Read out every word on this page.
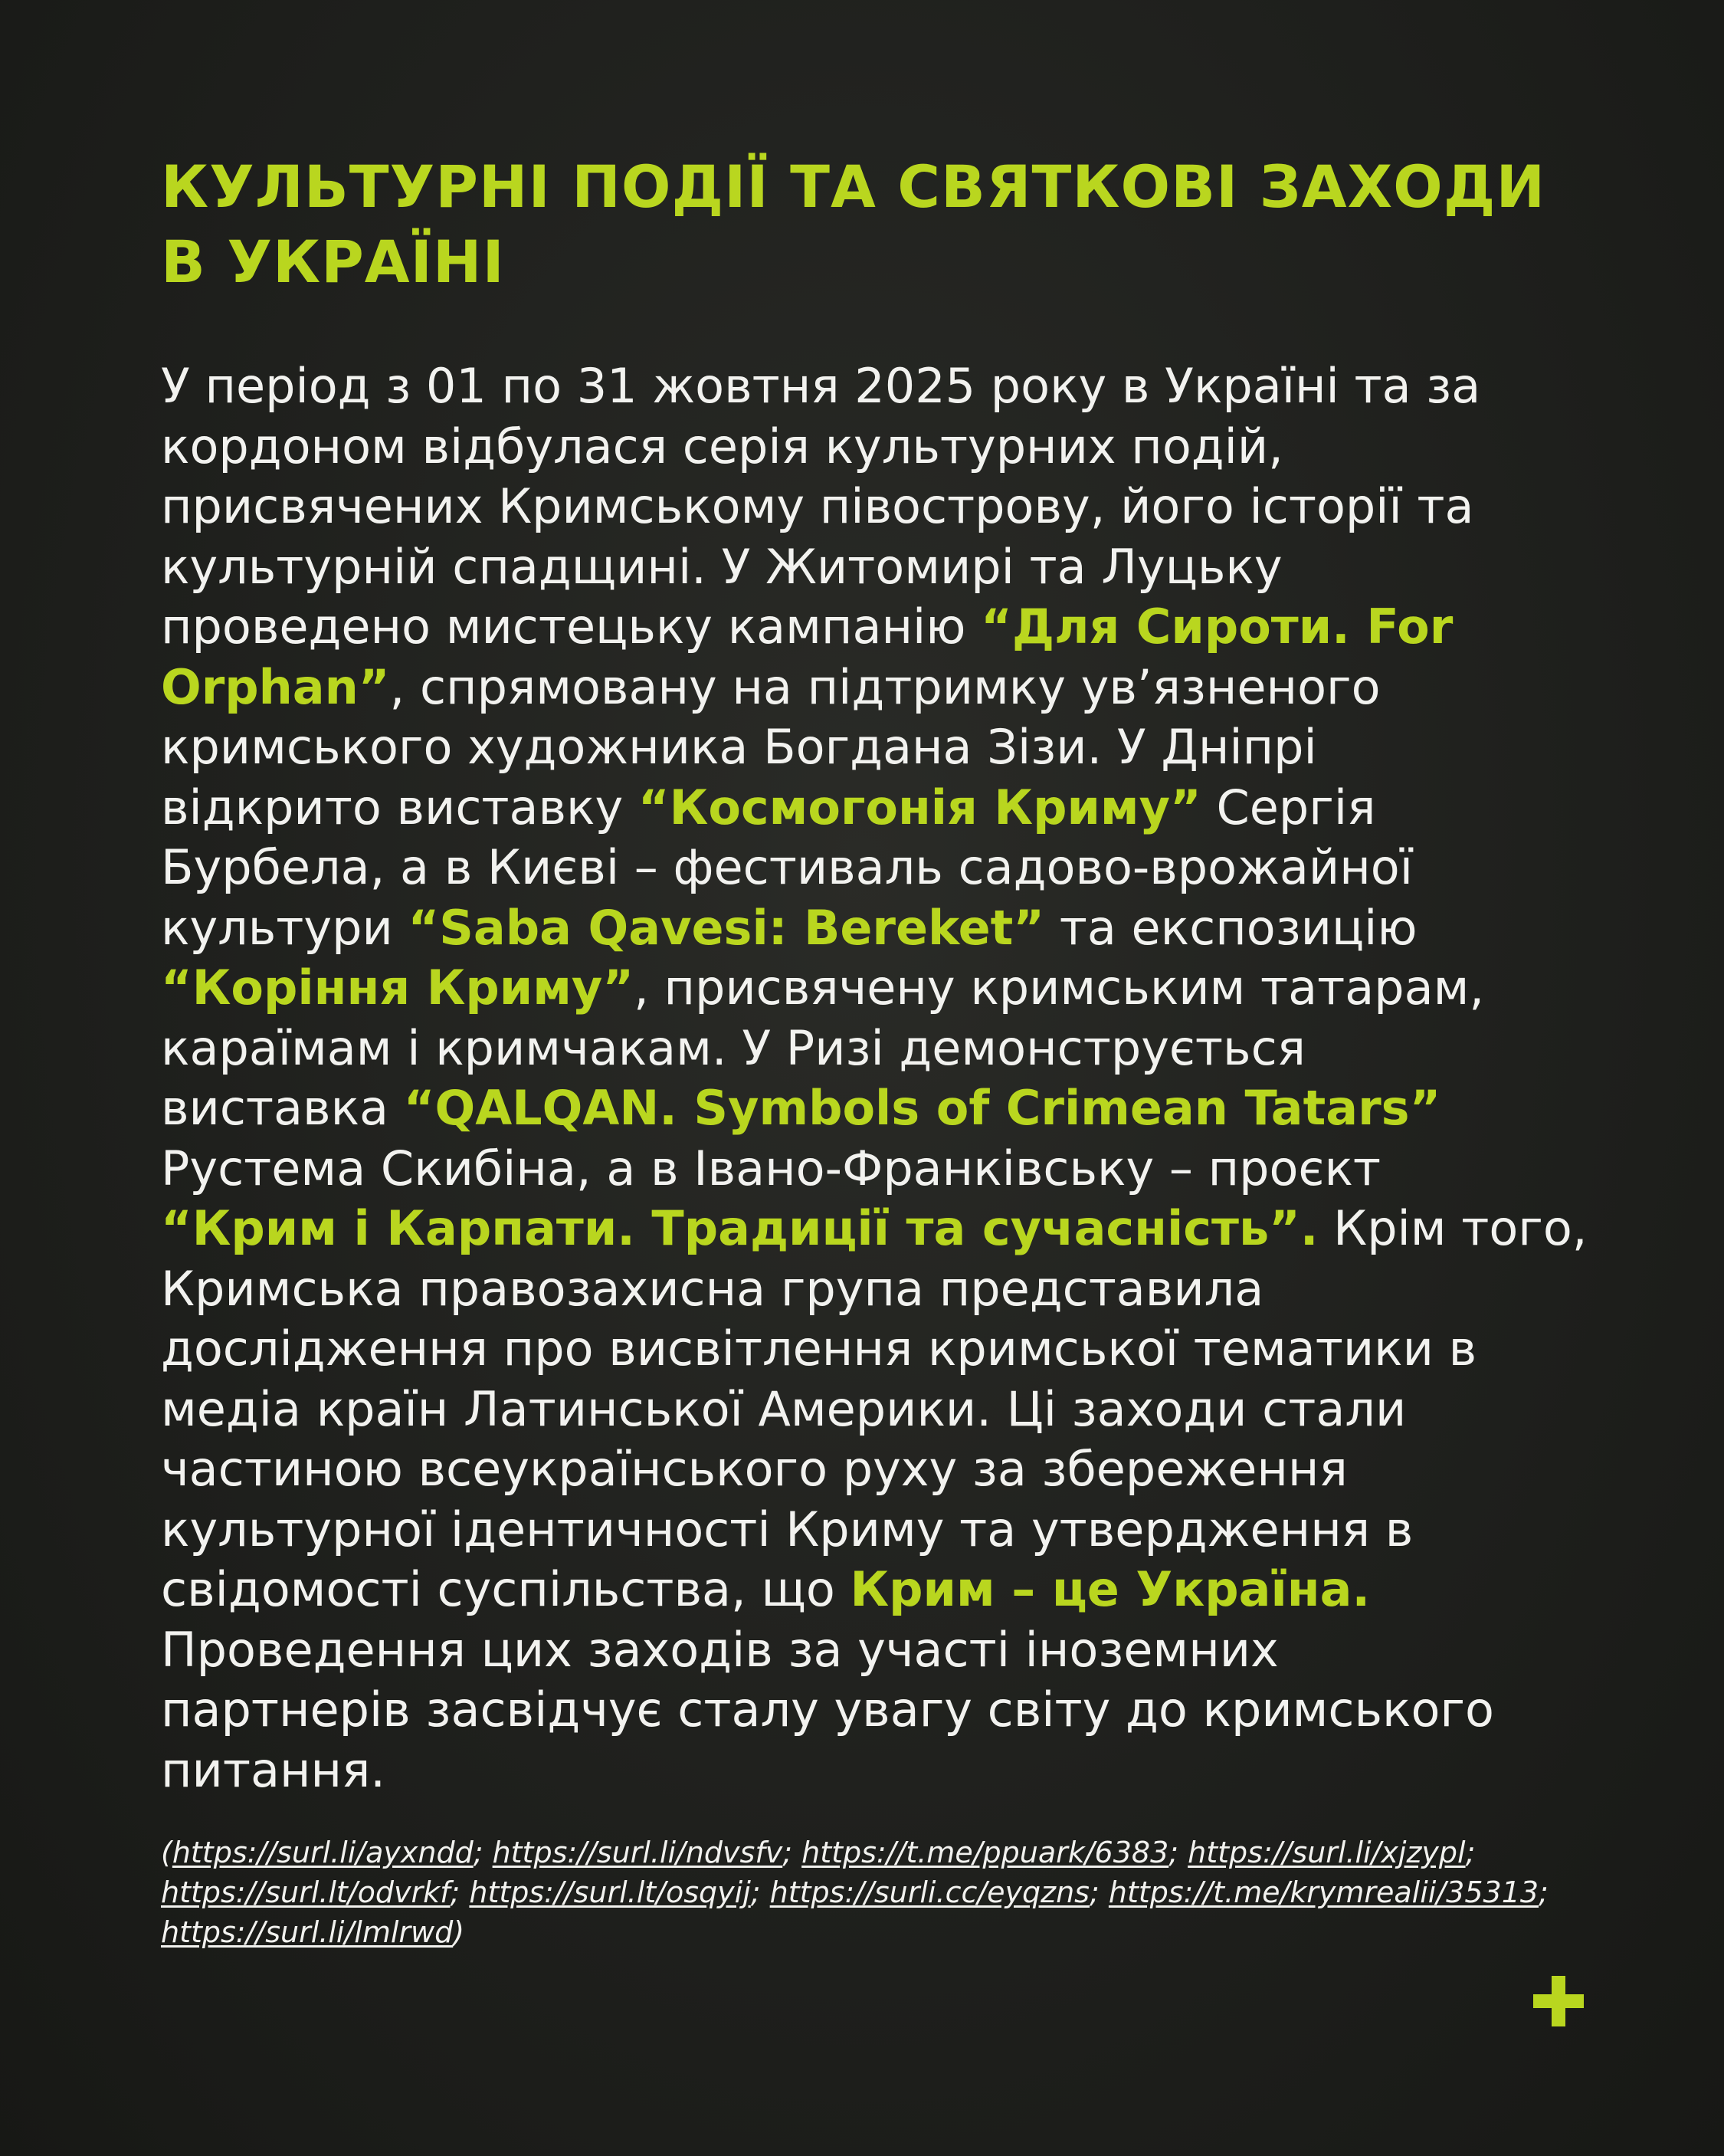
КУЛЬТУРНІ ПОДІЇ ТА СВЯТКОВІ ЗАХОДИ
В УКРАЇНІ
У період з 01 по 31 жовтня 2025 року в Україні та за
кордоном відбулася серія культурних подій,
присвячених Кримському півострову, його історії та
культурній спадщині. У Житомирі та Луцьку
проведено мистецьку кампанію “Для Сироти. For
Orphan”, спрямовану на підтримку ув’язненого
кримського художника Богдана Зізи. У Дніпрі
відкрито виставку “Космогонія Криму” Сергія
Бурбела, а в Києві – фестиваль садово-врожайної
культури “Saba Qavesi: Bereket” та експозицію
“Коріння Криму”, присвячену кримським татарам,
караїмам і кримчакам. У Ризі демонструється
виставка “QALQAN. Symbols of Crimean Tatars”
Рустема Скибіна, а в Івано-Франківську – проєкт
“Крим і Карпати. Традиції та сучасність”. Крім того,
Кримська правозахисна група представила
дослідження про висвітлення кримської тематики в
медіа країн Латинської Америки. Ці заходи стали
частиною всеукраїнського руху за збереження
культурної ідентичності Криму та утвердження в
свідомості суспільства, що Крим – це Україна.
Проведення цих заходів за участі іноземних
партнерів засвідчує сталу увагу світу до кримського
питання.
(https://surl.li/ayxndd; https://surl.li/ndvsfv; https://t.me/ppuark/6383; https://surl.li/xjzypl;
https://surl.lt/odvrkf; https://surl.lt/osqyij; https://surli.cc/eyqzns; https://t.me/krymrealii/35313;
https://surl.li/lmlrwd)
